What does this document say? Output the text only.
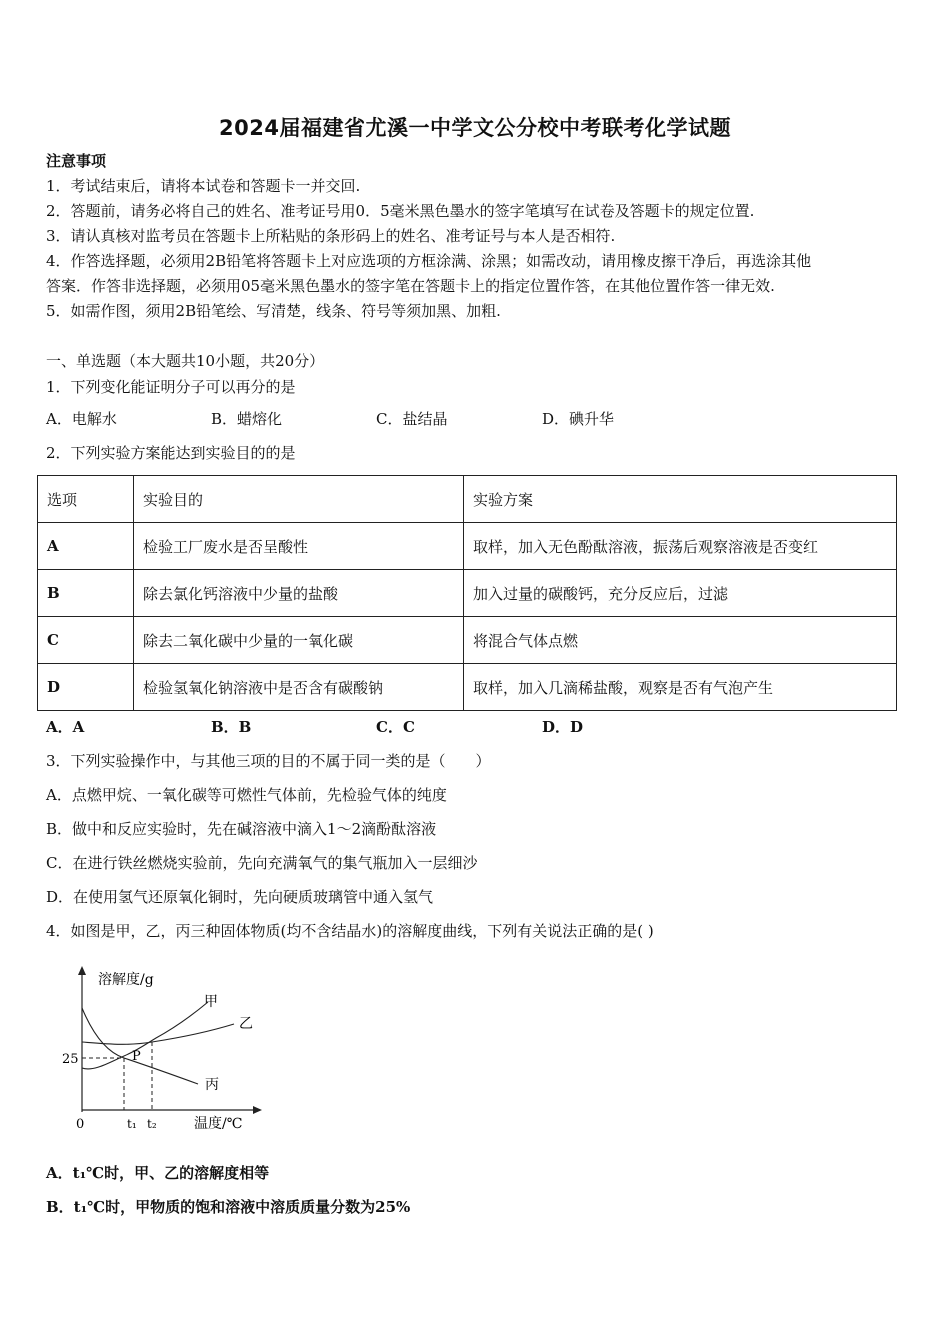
2024届福建省尤溪一中学文公分校中考联考化学试题
注意事项
1．考试结束后，请将本试卷和答题卡一并交回.
2．答题前，请务必将自己的姓名、准考证号用0．5毫米黑色墨水的签字笔填写在试卷及答题卡的规定位置.
3．请认真核对监考员在答题卡上所粘贴的条形码上的姓名、准考证号与本人是否相符.
4．作答选择题，必须用2B铅笔将答题卡上对应选项的方框涂满、涂黑；如需改动，请用橡皮擦干净后，再选涂其他
答案．作答非选择题，必须用05毫米黑色墨水的签字笔在答题卡上的指定位置作答，在其他位置作答一律无效.
5．如需作图，须用2B铅笔绘、写清楚，线条、符号等须加黑、加粗.
一、单选题（本大题共10小题，共20分）
1．下列变化能证明分子可以再分的是
A．电解水	B．蜡熔化	C．盐结晶	D．碘升华
2．下列实验方案能达到实验目的的是
选项	实验目的	实验方案
A	检验工厂废水是否呈酸性	取样，加入无色酚酞溶液，振荡后观察溶液是否变红
B	除去氯化钙溶液中少量的盐酸	加入过量的碳酸钙，充分反应后，过滤
C	除去二氧化碳中少量的一氧化碳	将混合气体点燃
D	检验氢氧化钠溶液中是否含有碳酸钠	取样，加入几滴稀盐酸，观察是否有气泡产生
A．A	B．B	C．C	D．D
3．下列实验操作中，与其他三项的目的不属于同一类的是（　　）
A．点燃甲烷、一氧化碳等可燃性气体前，先检验气体的纯度
B．做中和反应实验时，先在碱溶液中滴入1～2滴酚酞溶液
C．在进行铁丝燃烧实验前，先向充满氧气的集气瓶加入一层细沙
D．在使用氢气还原氧化铜时，先向硬质玻璃管中通入氢气
4．如图是甲，乙，丙三种固体物质(均不含结晶水)的溶解度曲线，下列有关说法正确的是( )
溶解度/g
温度/℃
0
25
t₁ t₂
P
甲
乙
丙
A．t₁℃时，甲、乙的溶解度相等
B．t₁℃时，甲物质的饱和溶液中溶质质量分数为25%
